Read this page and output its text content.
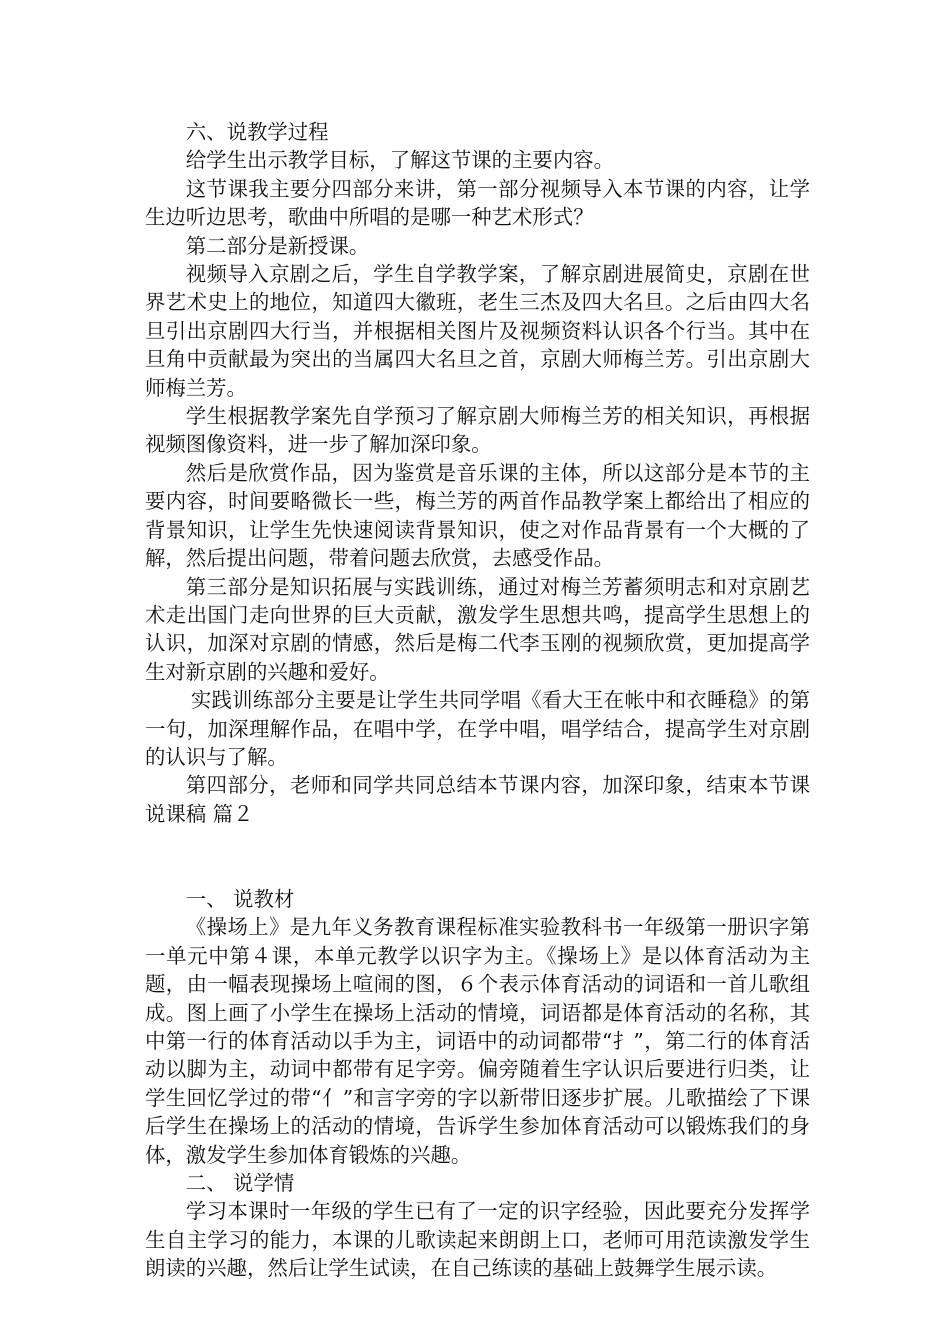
六、说教学过程

给学生出示教学目标，了解这节课的主要内容。

这节课我主要分四部分来讲，第一部分视频导入本节课的内容，让学生边听边思考，歌曲中所唱的是哪一种艺术形式？

第二部分是新授课。

视频导入京剧之后，学生自学教学案，了解京剧进展简史，京剧在世界艺术史上的地位，知道四大徽班，老生三杰及四大名旦。之后由四大名旦引出京剧四大行当，并根据相关图片及视频资料认识各个行当。其中在旦角中贡献最为突出的当属四大名旦之首，京剧大师梅兰芳。引出京剧大师梅兰芳。

学生根据教学案先自学预习了解京剧大师梅兰芳的相关知识，再根据视频图像资料，进一步了解加深印象。

然后是欣赏作品，因为鉴赏是音乐课的主体，所以这部分是本节的主要内容，时间要略微长一些，梅兰芳的两首作品教学案上都给出了相应的背景知识，让学生先快速阅读背景知识，使之对作品背景有一个大概的了解，然后提出问题，带着问题去欣赏，去感受作品。

第三部分是知识拓展与实践训练，通过对梅兰芳蓄须明志和对京剧艺术走出国门走向世界的巨大贡献，激发学生思想共鸣，提高学生思想上的认识，加深对京剧的情感，然后是梅二代李玉刚的视频欣赏，更加提高学生对新京剧的兴趣和爱好。

实践训练部分主要是让学生共同学唱《看大王在帐中和衣睡稳》的第一句，加深理解作品，在唱中学，在学中唱，唱学结合，提高学生对京剧的认识与了解。

第四部分，老师和同学共同总结本节课内容，加深印象，结束本节课说课稿 篇２

一、 说教材

《操场上》是九年义务教育课程标准实验教科书一年级第一册识字第一单元中第４课，本单元教学以识字为主。《操场上》是以体育活动为主题，由一幅表现操场上喧闹的图，６个表示体育活动的词语和一首儿歌组成。图上画了小学生在操场上活动的情境，词语都是体育活动的名称，其中第一行的体育活动以手为主，词语中的动词都带“扌”，第二行的体育活动以脚为主，动词中都带有足字旁。偏旁随着生字认识后要进行归类，让学生回忆学过的带“亻”和言字旁的字以新带旧逐步扩展。儿歌描绘了下课后学生在操场上的活动的情境，告诉学生参加体育活动可以锻炼我们的身体，激发学生参加体育锻炼的兴趣。

二、 说学情

学习本课时一年级的学生已有了一定的识字经验，因此要充分发挥学生自主学习的能力，本课的儿歌读起来朗朗上口，老师可用范读激发学生朗读的兴趣，然后让学生试读，在自己练读的基础上鼓舞学生展示读。
